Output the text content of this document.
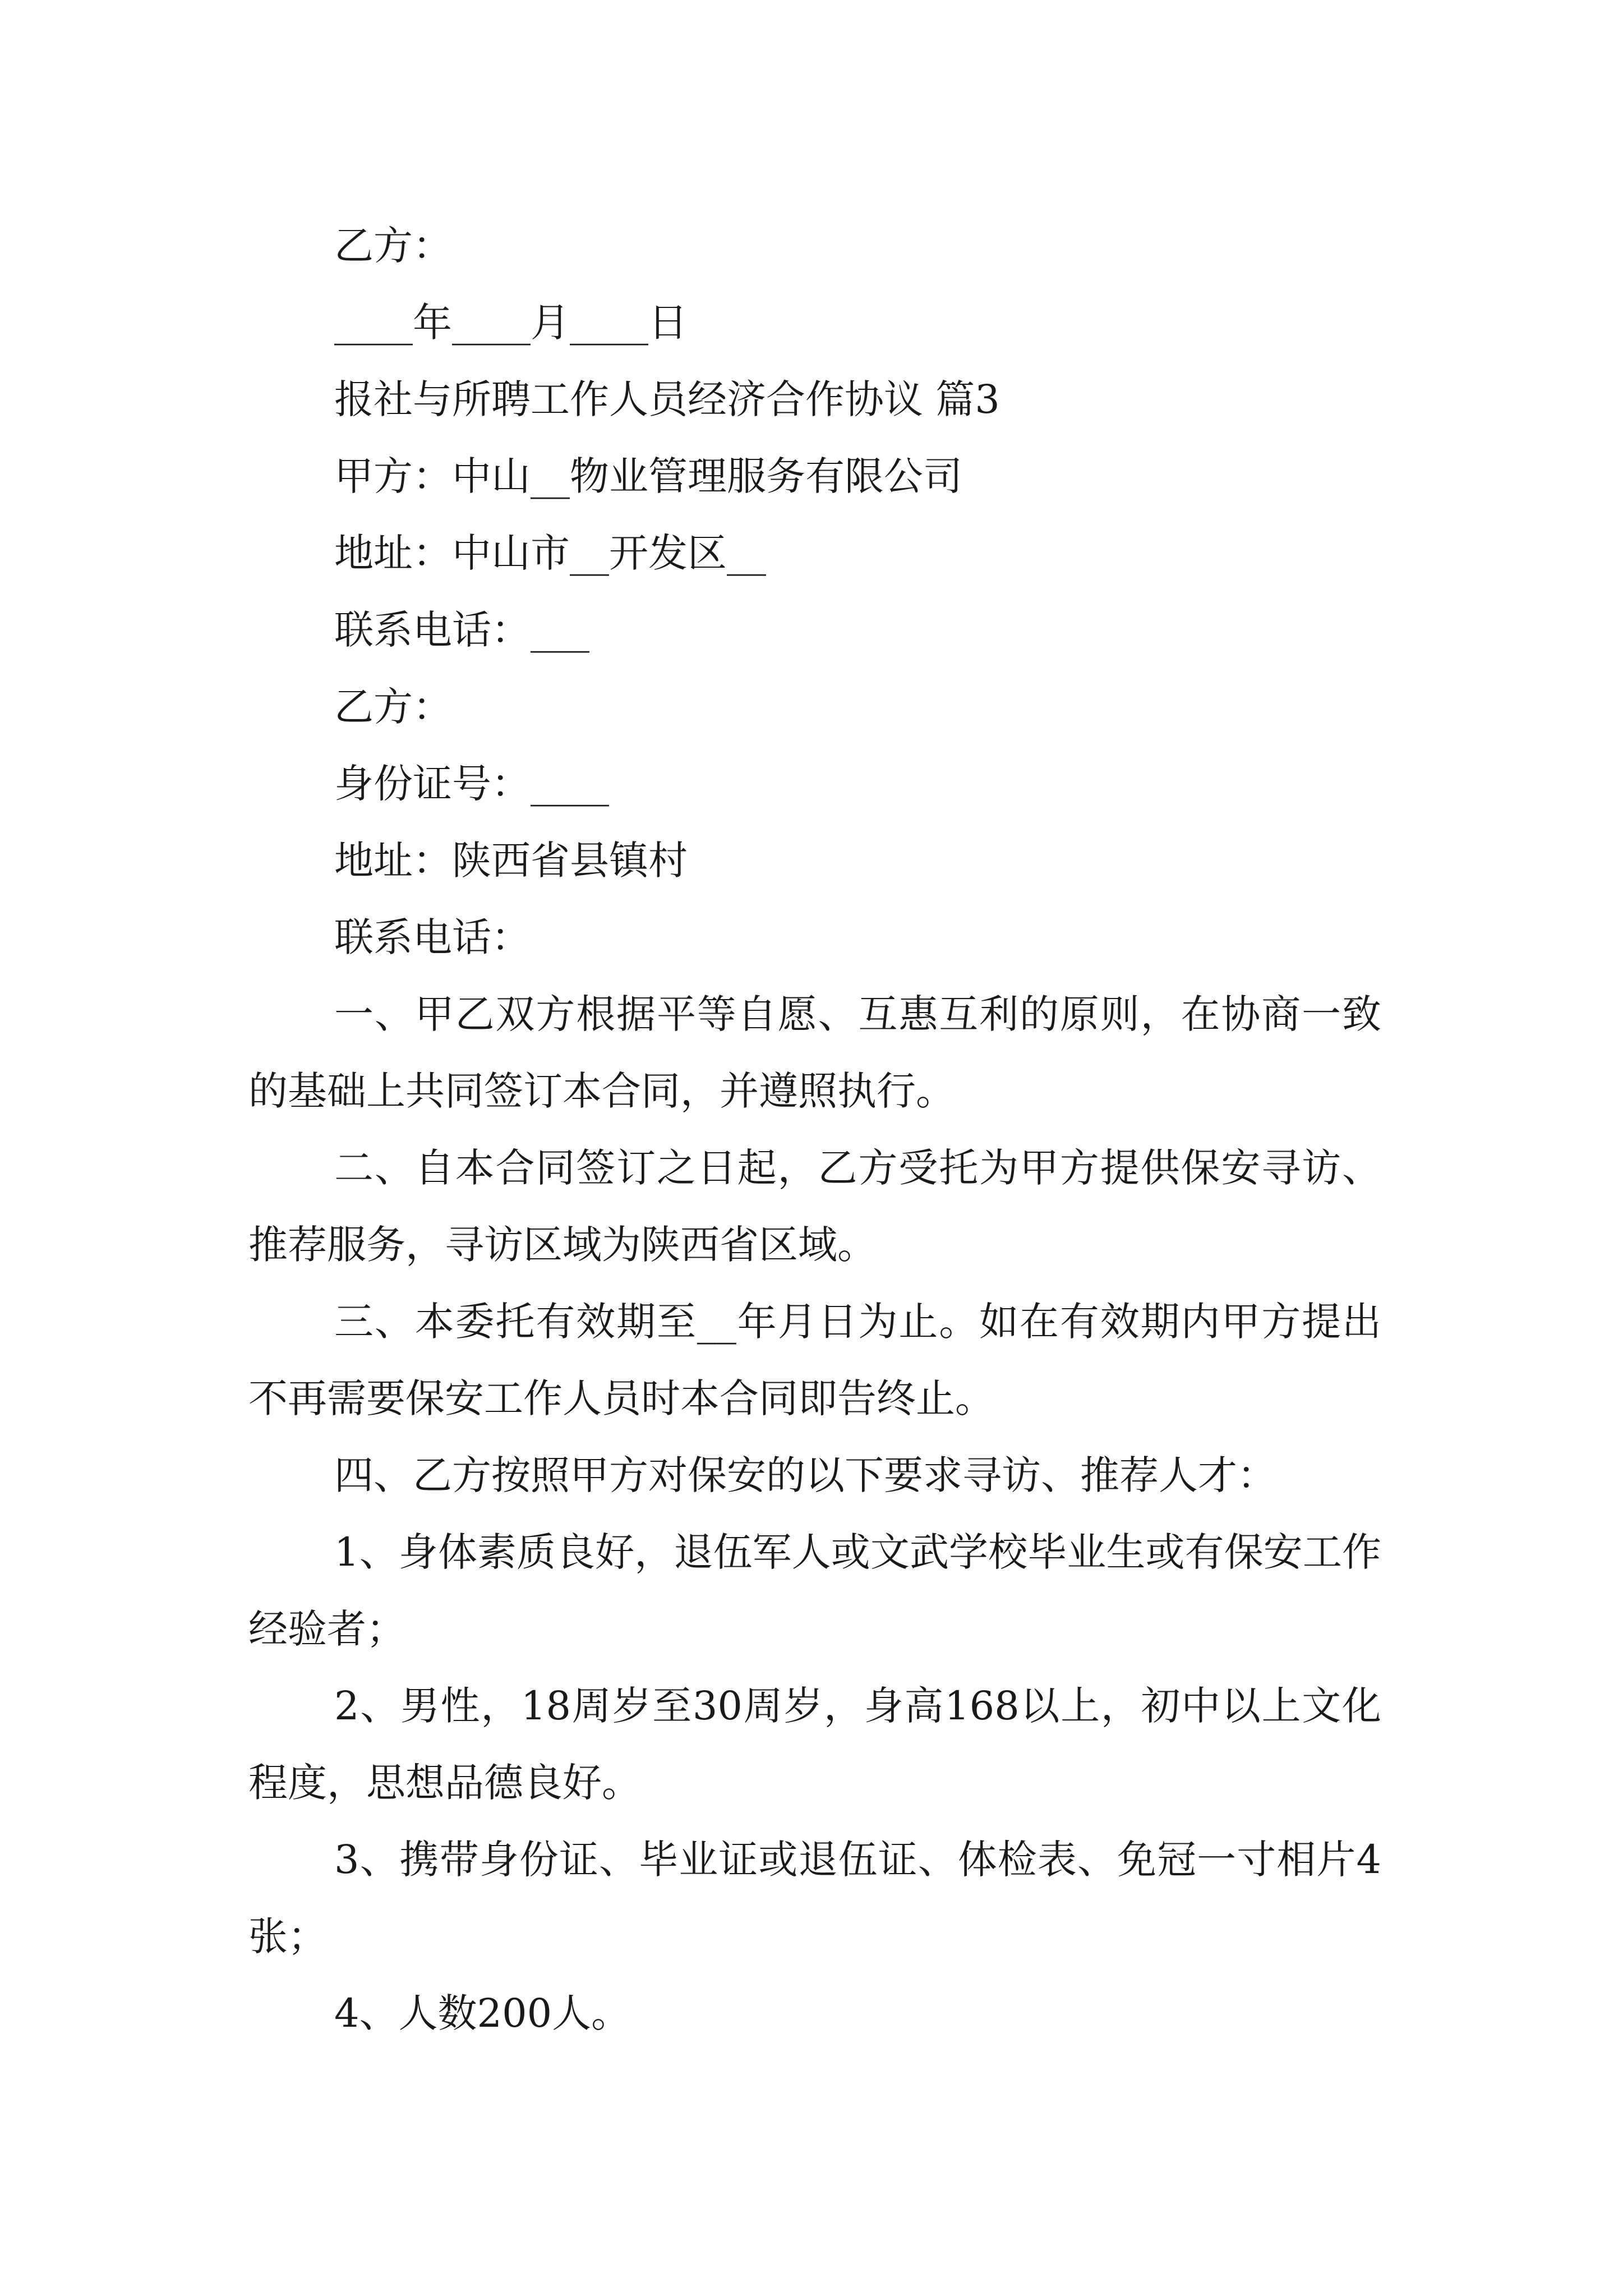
乙方：
____年____月____日
报社与所聘工作人员经济合作协议 篇3
甲方：中山__物业管理服务有限公司
地址：中山市__开发区__
联系电话：___
乙方：
身份证号：____
地址：陕西省县镇村
联系电话：

一、甲乙双方根据平等自愿、互惠互利的原则，在协商一致的基础上共同签订本合同，并遵照执行。

二、自本合同签订之日起，乙方受托为甲方提供保安寻访、推荐服务，寻访区域为陕西省区域。

三、本委托有效期至__年月日为止。如在有效期内甲方提出不再需要保安工作人员时本合同即告终止。

四、乙方按照甲方对保安的以下要求寻访、推荐人才：

1、身体素质良好，退伍军人或文武学校毕业生或有保安工作经验者；

2、男性，18周岁至30周岁，身高168以上，初中以上文化程度，思想品德良好。

3、携带身份证、毕业证或退伍证、体检表、免冠一寸相片4张；

4、人数200人。
